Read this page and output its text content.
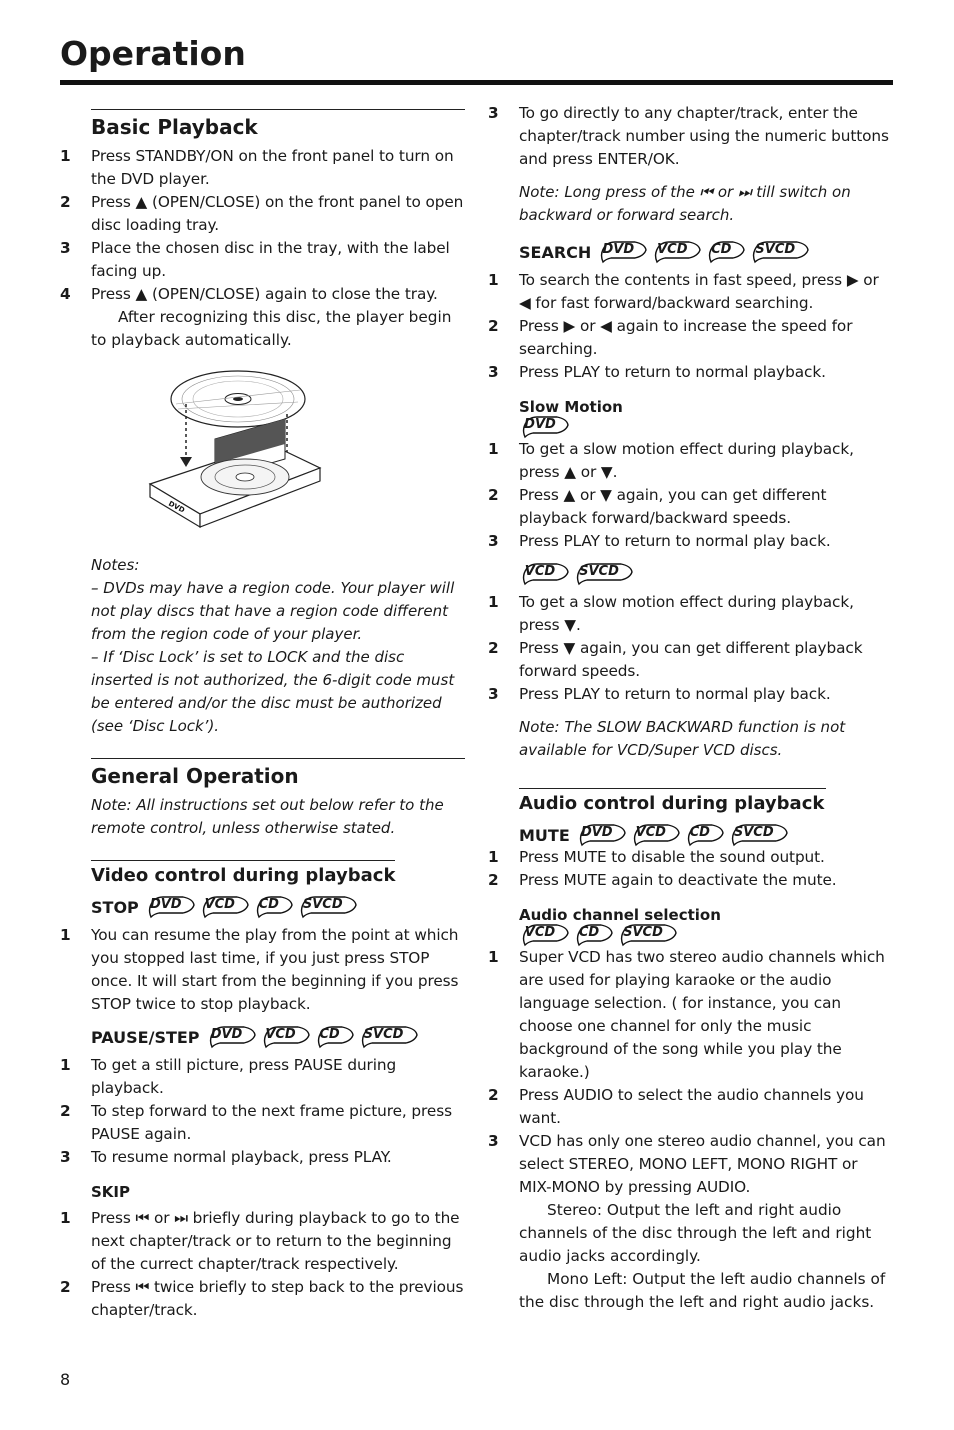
Operation
Basic Playback
1	Press STANDBY/ON on the front panel to turn on the DVD player.
2	Press ▲ (OPEN/CLOSE) on the front panel to open disc loading tray.
3	Place the chosen disc in the tray, with the label facing up.
4	Press ▲ (OPEN/CLOSE) again to close the tray.
After recognizing this disc, the player begin to playback automatically.
DVD
Notes:
– DVDs may have a region code. Your player will not play discs that have a region code different from the region code of your player.
– If ‘Disc Lock’ is set to LOCK and the disc inserted is not authorized, the 6-digit code must be entered and/or the disc must be authorized (see ‘Disc Lock’).
General Operation
Note: All instructions set out below refer to the remote control, unless otherwise stated.
Video control during playback
STOP DVD	VCD	CD	SVCD
1	You can resume the play from the point at which you stopped last time, if you just press STOP once. It will start from the beginning if you press STOP twice to stop playback.
PAUSE/STEP DVD	VCD	CD	SVCD
1	To get a still picture, press PAUSE during playback.
2	To step forward to the next frame picture, press PAUSE again.
3	To resume normal playback, press PLAY.
SKIP
1	Press ⏮ or ⏭ briefly during playback to go to the next chapter/track or to return to the beginning of the currect chapter/track respectively.
2	Press ⏮ twice briefly to step back to the previous chapter/track.
3	To go directly to any chapter/track, enter the chapter/track number using the numeric buttons and press ENTER/OK.
Note: Long press of the ⏮ or ⏭ till switch on backward or forward search.
SEARCH DVD	VCD	CD	SVCD
1	To search the contents in fast speed, press ▶ or ◀ for fast forward/backward searching.
2	Press ▶ or ◀ again to increase the speed for searching.
3	Press PLAY to return to normal playback.
Slow Motion
DVD
1	To get a slow motion effect during playback, press ▲ or ▼.
2	Press ▲ or ▼ again, you can get different playback forward/backward speeds.
3	Press PLAY to return to normal play back.
VCD	SVCD
1	To get a slow motion effect during playback, press ▼.
2	Press ▼ again, you can get different playback forward speeds.
3	Press PLAY to return to normal play back.
Note: The SLOW BACKWARD function is not available for VCD/Super VCD discs.
Audio control during playback
MUTE DVD	VCD	CD	SVCD
1	Press MUTE to disable the sound output.
2	Press MUTE again to deactivate the mute.
Audio channel selection
VCD	CD	SVCD
1	Super VCD has two stereo audio channels which are used for playing karaoke or the audio language selection. ( for instance, you can choose one channel for only the music background of the song while you play the karaoke.)
2	Press AUDIO to select the audio channels you want.
3	VCD has only one stereo audio channel, you can select STEREO, MONO LEFT, MONO RIGHT or MIX-MONO by pressing AUDIO.
Stereo: Output the left and right audio channels of the disc through the left and right audio jacks accordingly.
Mono Left: Output the left audio channels of the disc through the left and right audio jacks.
8
